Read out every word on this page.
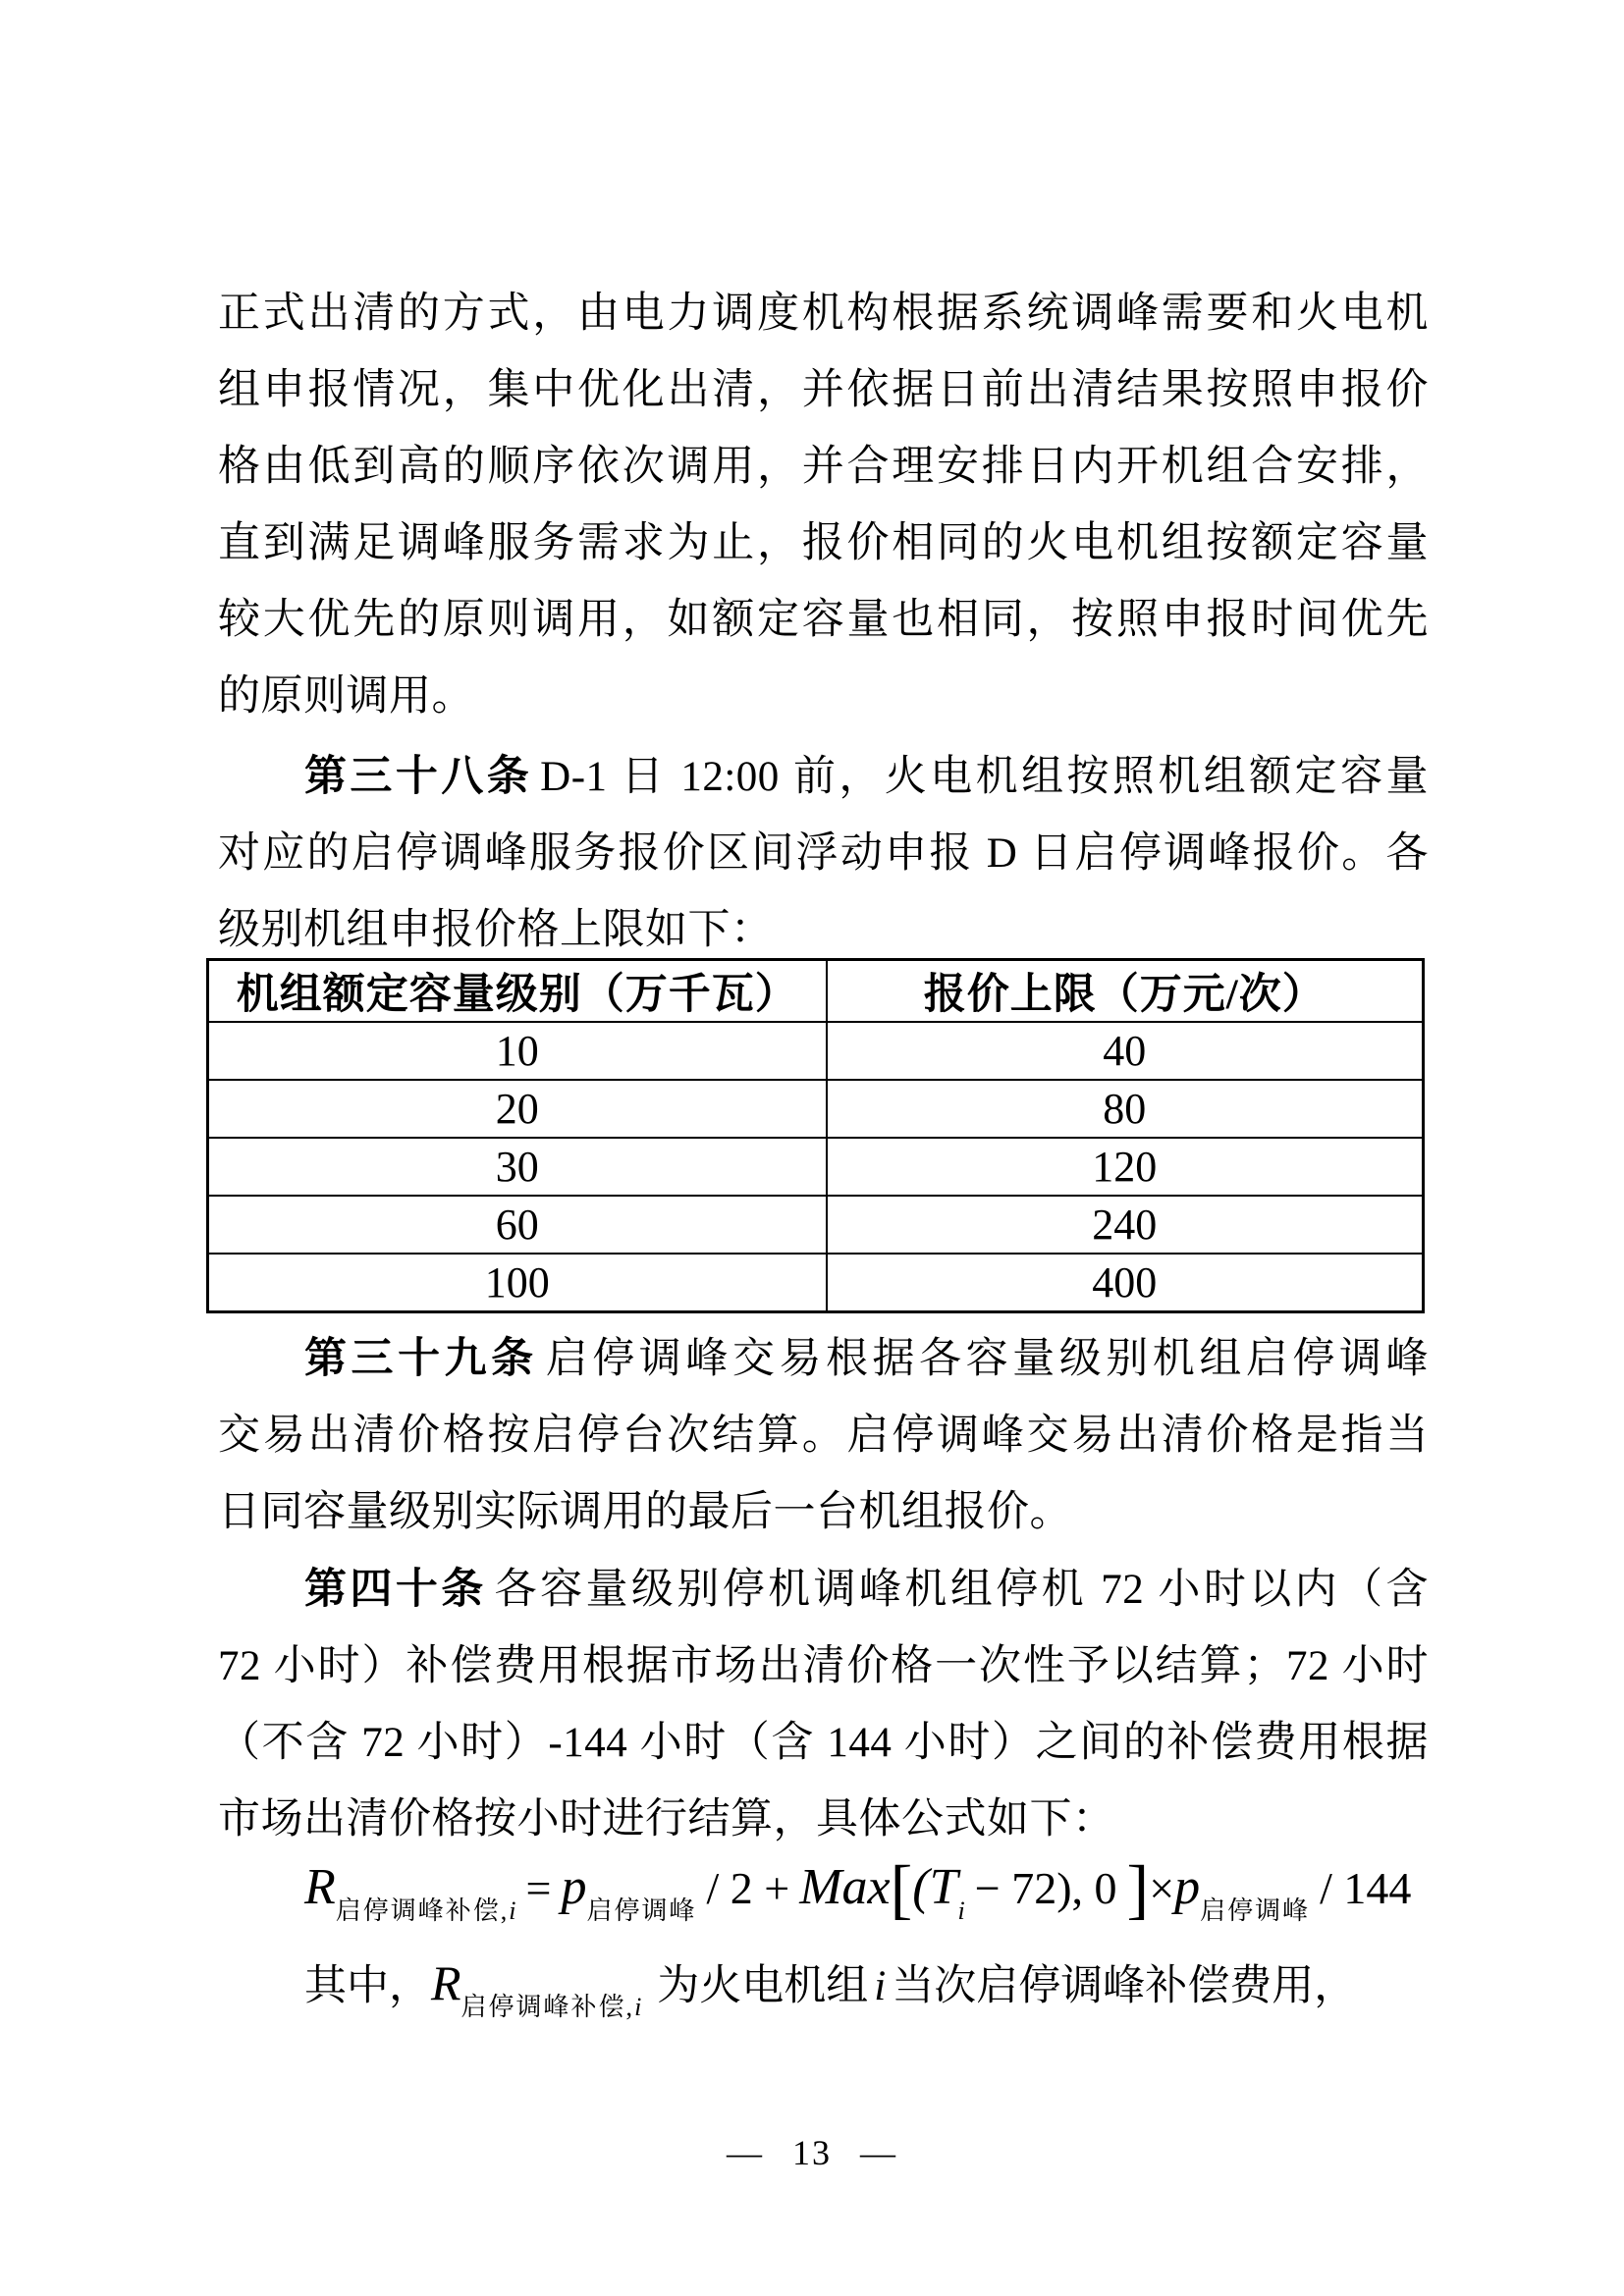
正式出清的方式，由电力调度机构根据系统调峰需要和火电机
组申报情况，集中优化出清，并依据日前出清结果按照申报价
格由低到高的顺序依次调用，并合理安排日内开机组合安排，
直到满足调峰服务需求为止，报价相同的火电机组按额定容量
较大优先的原则调用，如额定容量也相同，按照申报时间优先
的原则调用。
第三十八条 D-1 日 12:00 前，火电机组按照机组额定容量
对应的启停调峰服务报价区间浮动申报 D 日启停调峰报价。各
级别机组申报价格上限如下：
机组额定容量级别（万千瓦）	报价上限（万元/次）
10	40
20	80
30	120
60	240
100	400
第三十九条 启停调峰交易根据各容量级别机组启停调峰
交易出清价格按启停台次结算。启停调峰交易出清价格是指当
日同容量级别实际调用的最后一台机组报价。
第四十条 各容量级别停机调峰机组停机 72 小时以内（含
72 小时）补偿费用根据市场出清价格一次性予以结算；72 小时
（不含 72 小时）-144 小时（含 144 小时）之间的补偿费用根据
市场出清价格按小时进行结算，具体公式如下：
$R_{启停调峰补偿,i} = p_{启停调峰} / 2 + Max[(T_i - 72)$, 0 ]$\times p_{启停调峰} / 144$
其中，$R_{启停调峰补偿,i}$ 为火电机组 i 当次启停调峰补偿费用，
— 13 —
